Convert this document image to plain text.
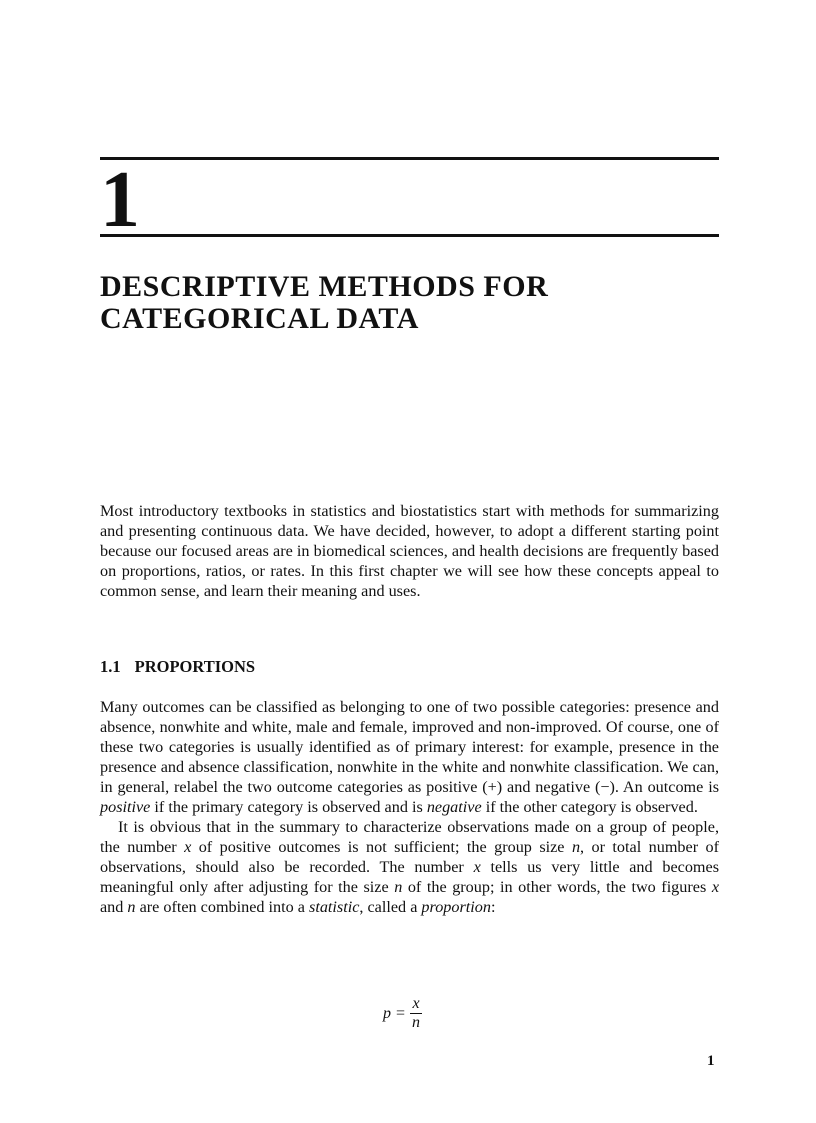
1
DESCRIPTIVE METHODS FOR
CATEGORICAL DATA

Most introductory textbooks in statistics and biostatistics start with methods for summarizing and presenting continuous data. We have decided, however, to adopt a different starting point because our focused areas are in biomedical sciences, and health decisions are frequently based on proportions, ratios, or rates. In this first chapter we will see how these concepts appeal to common sense, and learn their meaning and uses.

1.1 PROPORTIONS

Many outcomes can be classified as belonging to one of two possible categories: presence and absence, nonwhite and white, male and female, improved and non-improved. Of course, one of these two categories is usually identified as of primary interest: for example, presence in the presence and absence classification, nonwhite in the white and nonwhite classification. We can, in general, relabel the two outcome categories as positive (+) and negative (−). An outcome is positive if the primary category is observed and is negative if the other category is observed.

It is obvious that in the summary to characterize observations made on a group of people, the number x of positive outcomes is not sufficient; the group size n, or total number of observations, should also be recorded. The number x tells us very little and becomes meaningful only after adjusting for the size n of the group; in other words, the two figures x and n are often combined into a statistic, called a proportion:

$p = \frac{x}{n}$
1
